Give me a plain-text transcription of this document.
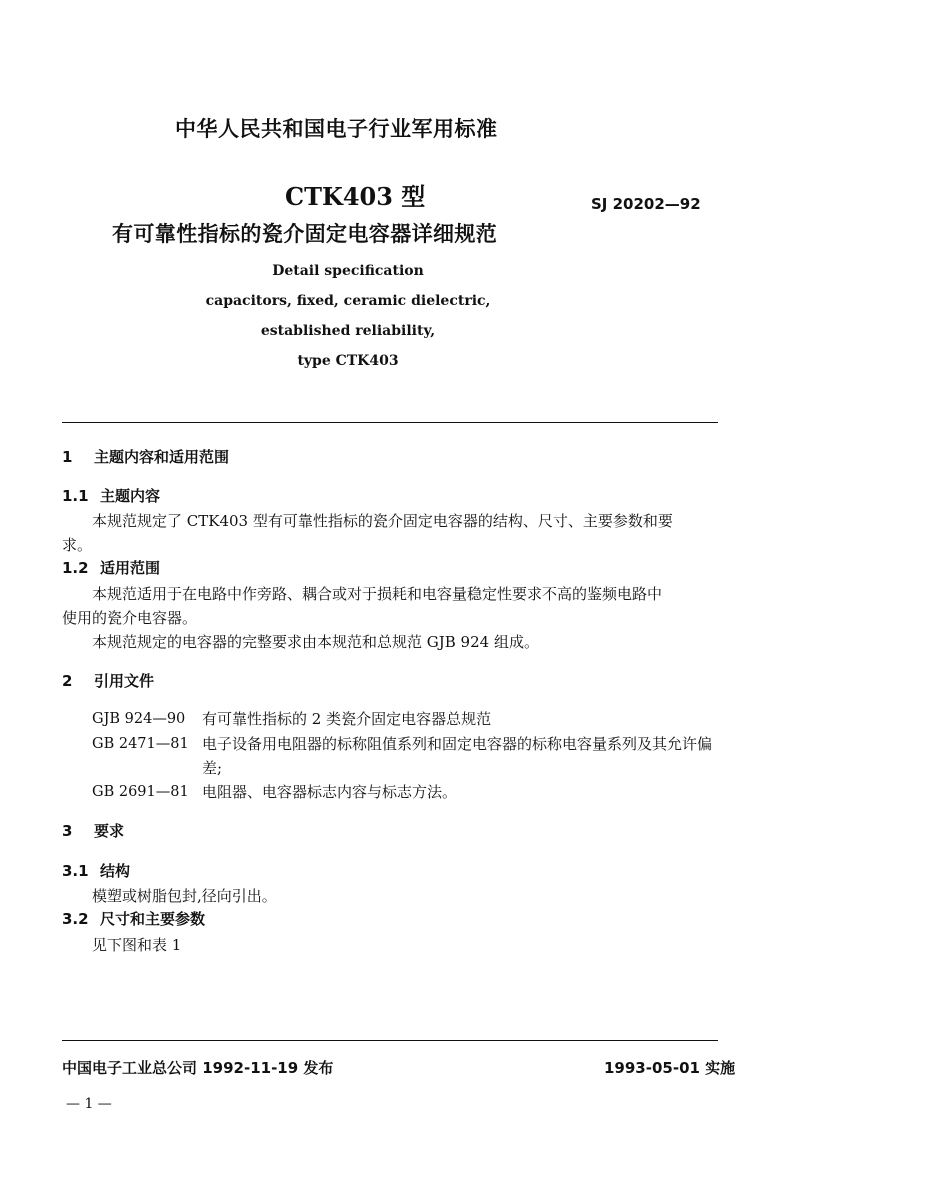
中华人民共和国电子行业军用标准
CTK403 型	SJ 20202—92
有可靠性指标的瓷介固定电容器详细规范
Detail specification
capacitors, fixed, ceramic dielectric,
established reliability,
type CTK403
1 主题内容和适用范围
1.1 主题内容
本规范规定了 CTK403 型有可靠性指标的瓷介固定电容器的结构、尺寸、主要参数和要
求。
1.2 适用范围
本规范适用于在电路中作旁路、耦合或对于损耗和电容量稳定性要求不高的鉴频电路中
使用的瓷介电容器。
本规范规定的电容器的完整要求由本规范和总规范 GJB 924 组成。
2 引用文件
GJB 924—90 有可靠性指标的 2 类瓷介固定电容器总规范
GB 2471—81 电子设备用电阻器的标称阻值系列和固定电容器的标称电容量系列及其允许偏差;
GB 2691—81 电阻器、电容器标志内容与标志方法。
3 要求
3.1 结构
模塑或树脂包封,径向引出。
3.2 尺寸和主要参数
见下图和表 1
中国电子工业总公司 1992-11-19 发布	1993-05-01 实施
— 1 —
